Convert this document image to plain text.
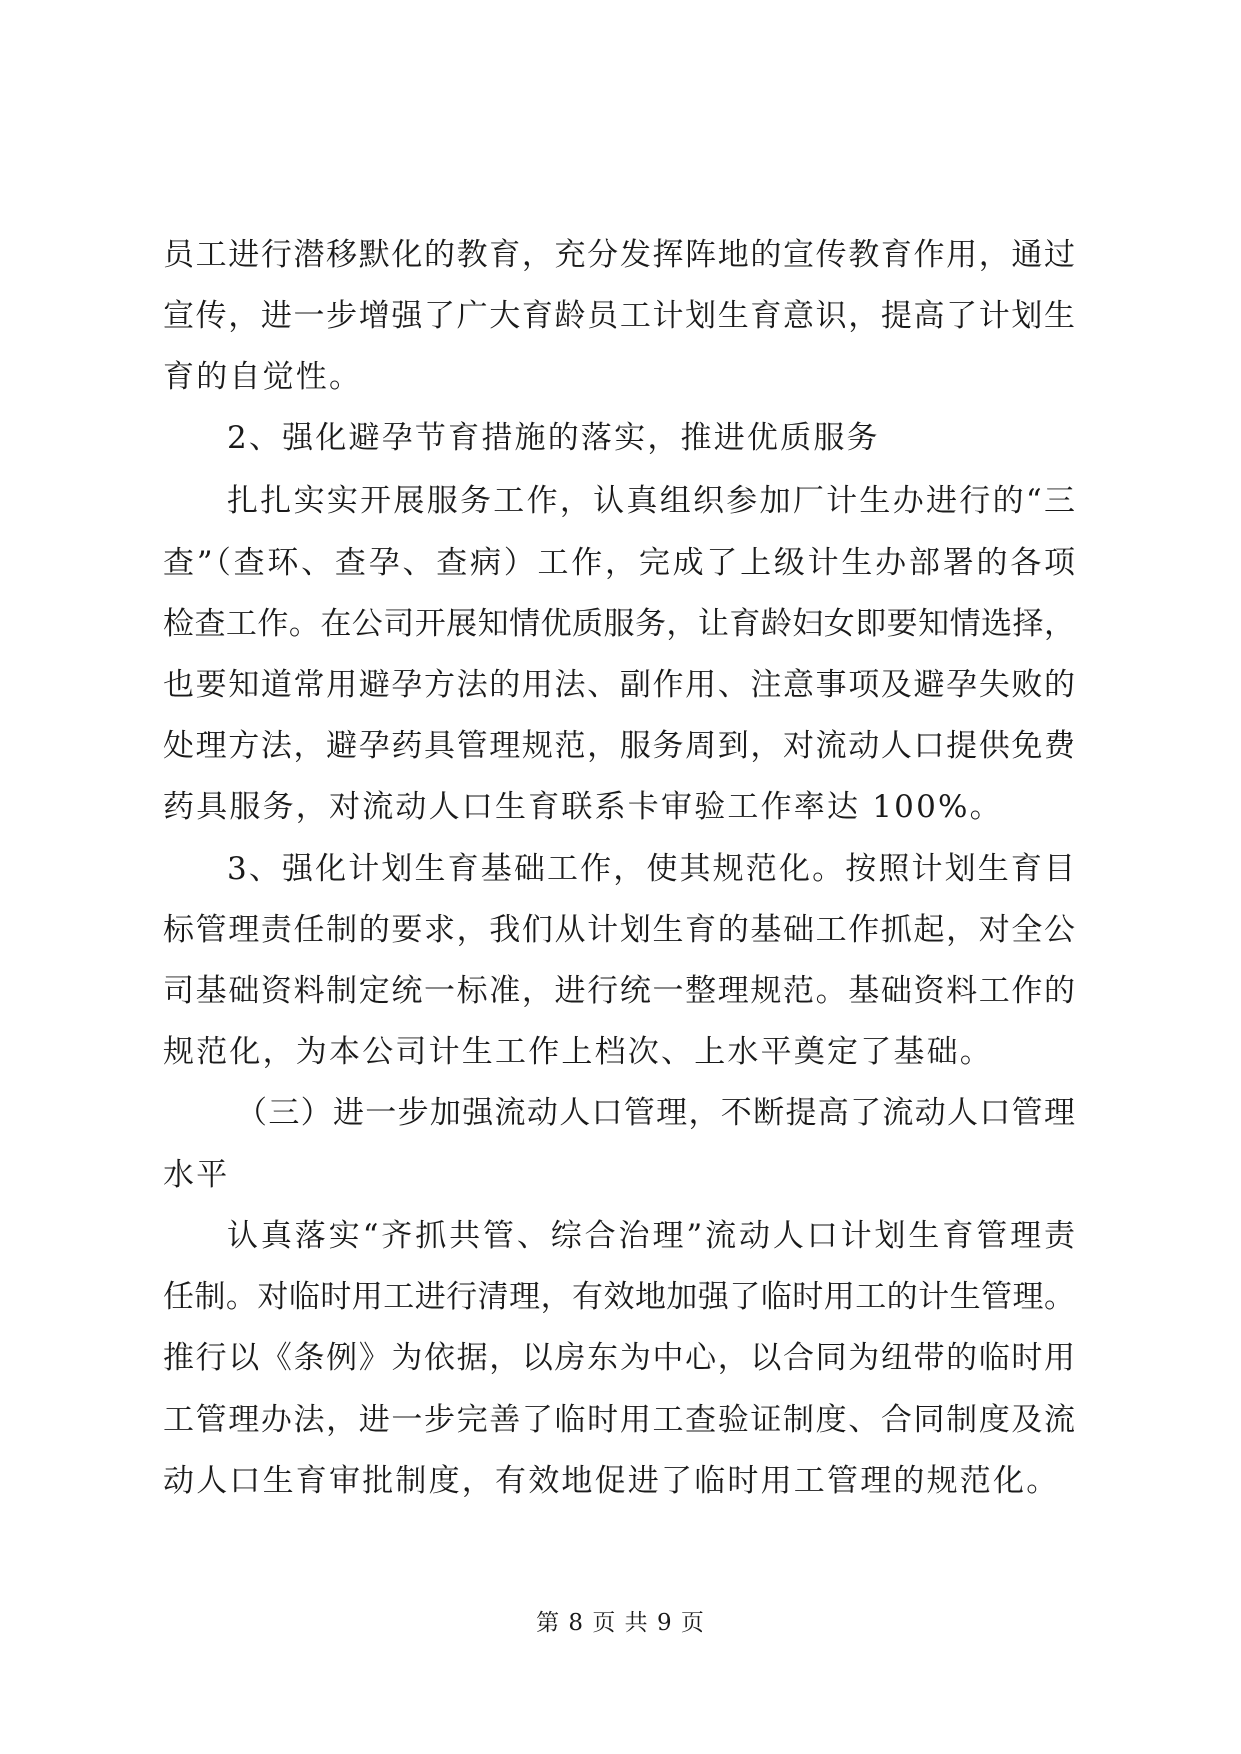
员工进行潜移默化的教育，充分发挥阵地的宣传教育作用，通过
宣传，进一步增强了广大育龄员工计划生育意识，提高了计划生
育的自觉性。
2、强化避孕节育措施的落实，推进优质服务
扎扎实实开展服务工作，认真组织参加厂计生办进行的“三
查”（查环、查孕、查病）工作，完成了上级计生办部署的各项
检查工作。在公司开展知情优质服务，让育龄妇女即要知情选择，
也要知道常用避孕方法的用法、副作用、注意事项及避孕失败的
处理方法，避孕药具管理规范，服务周到，对流动人口提供免费
药具服务，对流动人口生育联系卡审验工作率达 100%。
3、强化计划生育基础工作，使其规范化。按照计划生育目
标管理责任制的要求，我们从计划生育的基础工作抓起，对全公
司基础资料制定统一标准，进行统一整理规范。基础资料工作的
规范化，为本公司计生工作上档次、上水平奠定了基础。
（三）进一步加强流动人口管理，不断提高了流动人口管理
水平
认真落实“齐抓共管、综合治理”流动人口计划生育管理责
任制。对临时用工进行清理，有效地加强了临时用工的计生管理。
推行以《条例》为依据，以房东为中心，以合同为纽带的临时用
工管理办法，进一步完善了临时用工查验证制度、合同制度及流
动人口生育审批制度，有效地促进了临时用工管理的规范化。
第 8 页 共 9 页
